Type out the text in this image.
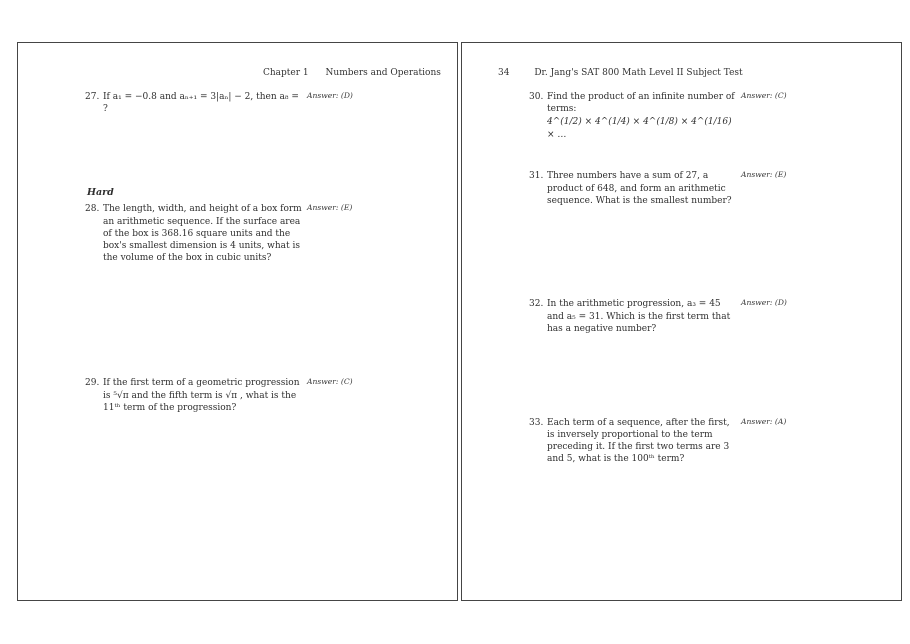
Chapter 1 Numbers and Operations
27. If a₁ = −0.8 and aₙ₊₁ = 3|aₙ| − 2, then a₈ = ?
Answer: (D)
Hard
28. The length, width, and height of a box form an arithmetic sequence. If the surface area of the box is 368.16 square units and the box's smallest dimension is 4 units, what is the volume of the box in cubic units?
Answer: (E)
29. If the first term of a geometric progression is ⁵√π and the fifth term is √π , what is the 11ᵗʰ term of the progression?
Answer: (C)
34	Dr. Jang's SAT 800 Math Level II Subject Test
30. Find the product of an infinite number of terms:
4^(1/2) × 4^(1/4) × 4^(1/8) × 4^(1/16) × …
Answer: (C)
31. Three numbers have a sum of 27, a product of 648, and form an arithmetic sequence. What is the smallest number?
Answer: (E)
32. In the arithmetic progression, a₃ = 45 and a₅ = 31. Which is the first term that has a negative number?
Answer: (D)
33. Each term of a sequence, after the first, is inversely proportional to the term preceding it. If the first two terms are 3 and 5, what is the 100ᵗʰ term?
Answer: (A)
